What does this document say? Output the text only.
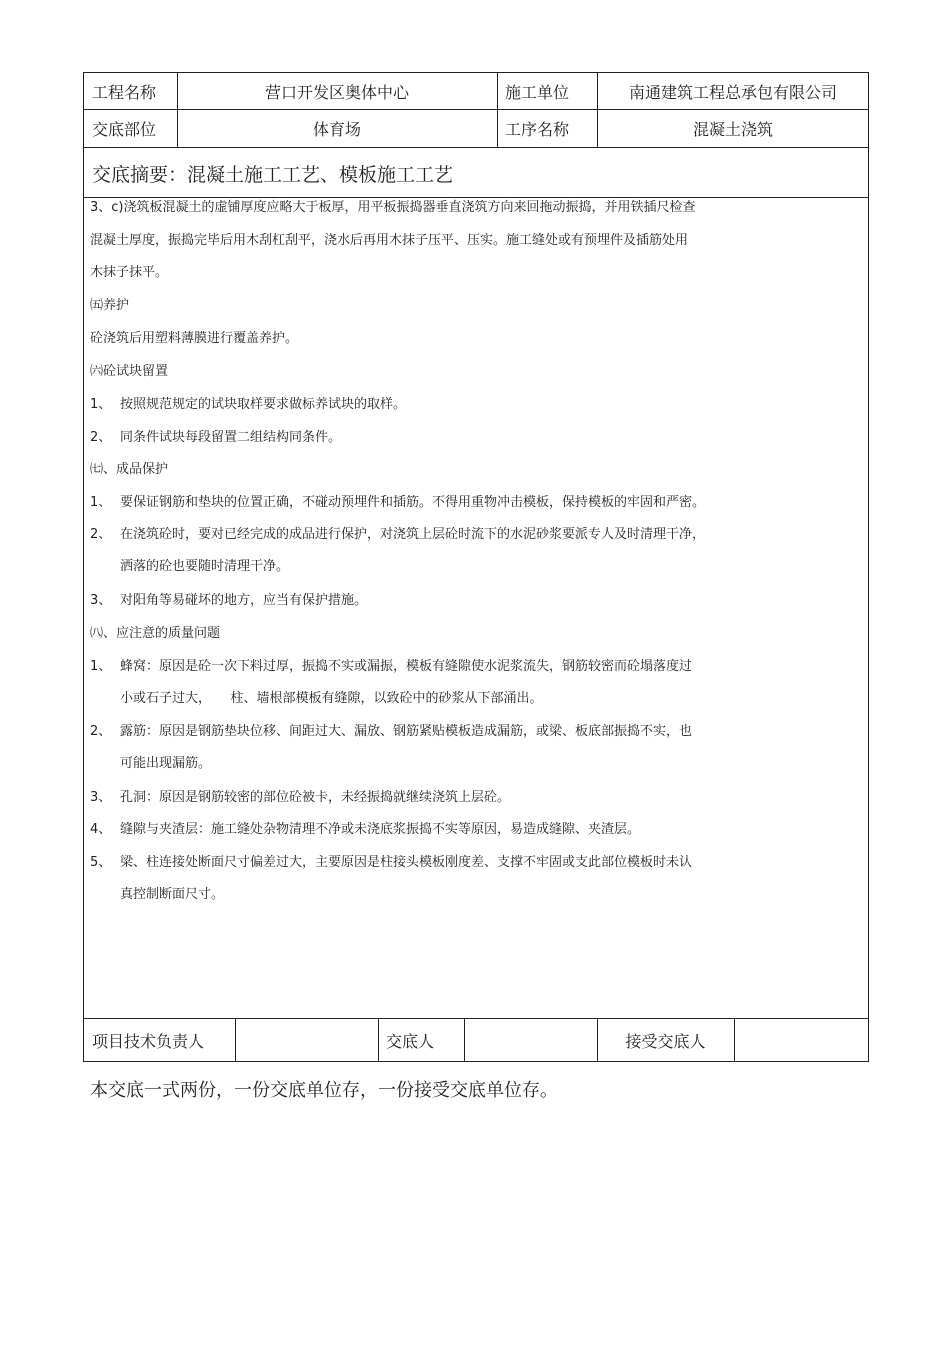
工程名称	营口开发区奥体中心	施工单位	南通建筑工程总承包有限公司
交底部位	体育场	工序名称	混凝土浇筑
交底摘要：混凝土施工工艺、模板施工工艺
3、c)浇筑板混凝土的虚铺厚度应略大于板厚，用平板振捣器垂直浇筑方向来回拖动振捣，并用铁插尺检查
混凝土厚度，振捣完毕后用木刮杠刮平，浇水后再用木抹子压平、压实。施工缝处或有预埋件及插筋处用
木抹子抹平。
㈤养护
砼浇筑后用塑料薄膜进行覆盖养护。
㈥砼试块留置
1、 按照规范规定的试块取样要求做标养试块的取样。
2、 同条件试块每段留置二组结构同条件。
㈦、成品保护
1、 要保证钢筋和垫块的位置正确，不碰动预埋件和插筋。不得用重物冲击模板，保持模板的牢固和严密。
2、 在浇筑砼时，要对已经完成的成品进行保护，对浇筑上层砼时流下的水泥砂浆要派专人及时清理干净，
洒落的砼也要随时清理干净。
3、 对阳角等易碰坏的地方，应当有保护措施。
㈧、应注意的质量问题
1、 蜂窝：原因是砼一次下料过厚，振捣不实或漏振，模板有缝隙使水泥浆流失，钢筋较密而砼塌落度过
小或石子过大，　　柱、墙根部模板有缝隙，以致砼中的砂浆从下部涌出。
2、 露筋：原因是钢筋垫块位移、间距过大、漏放、钢筋紧贴模板造成漏筋，或梁、板底部振捣不实，也
可能出现漏筋。
3、 孔洞：原因是钢筋较密的部位砼被卡，未经振捣就继续浇筑上层砼。
4、 缝隙与夹渣层：施工缝处杂物清理不净或未浇底浆振捣不实等原因，易造成缝隙、夹渣层。
5、 梁、柱连接处断面尺寸偏差过大，主要原因是柱接头模板刚度差、支撑不牢固或支此部位模板时未认
真控制断面尺寸。
项目技术负责人	交底人	接受交底人
本交底一式两份，一份交底单位存，一份接受交底单位存。
